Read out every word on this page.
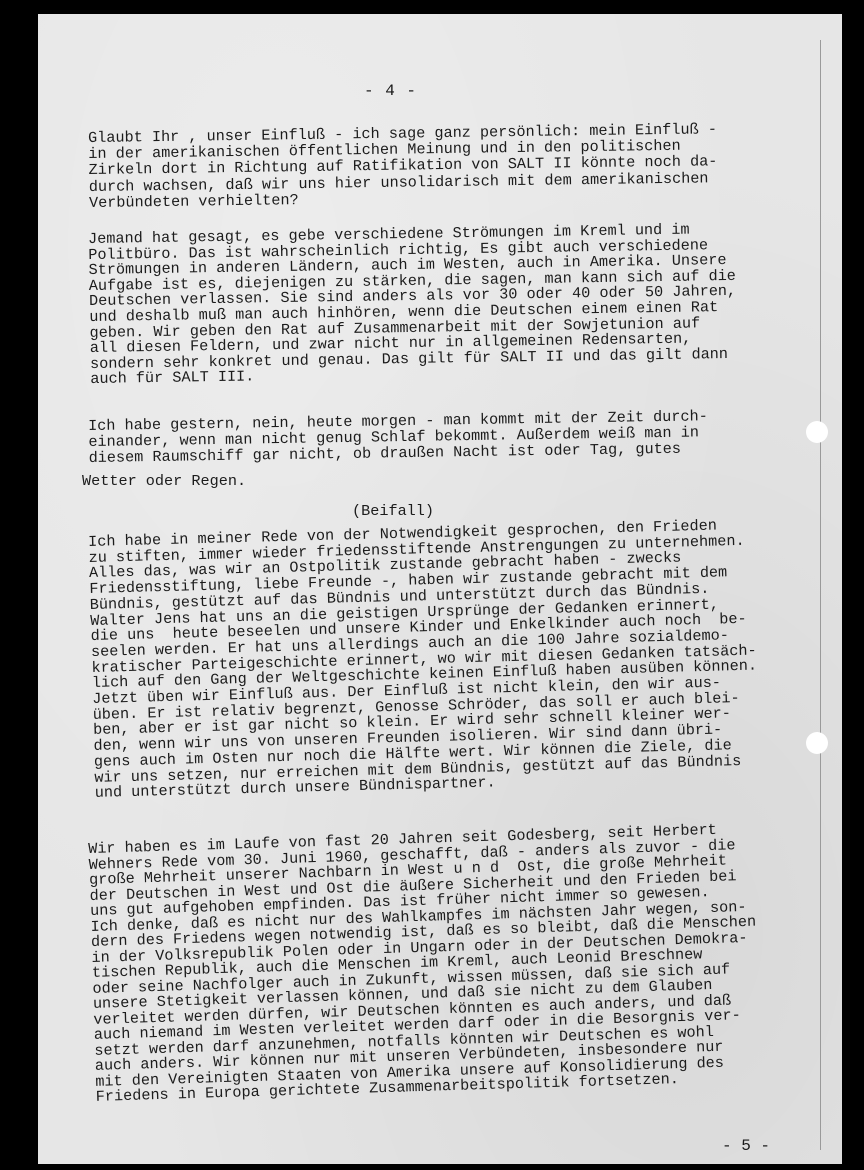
- 4 -

Glaubt Ihr , unser Einfluß - ich sage ganz persönlich: mein Einfluß -
in der amerikanischen öffentlichen Meinung und in den politischen
Zirkeln dort in Richtung auf Ratifikation von SALT II könnte noch da-
durch wachsen, daß wir uns hier unsolidarisch mit dem amerikanischen
Verbündeten verhielten?

Jemand hat gesagt, es gebe verschiedene Strömungen im Kreml und im
Politbüro. Das ist wahrscheinlich richtig, Es gibt auch verschiedene
Strömungen in anderen Ländern, auch im Westen, auch in Amerika. Unsere
Aufgabe ist es, diejenigen zu stärken, die sagen, man kann sich auf die
Deutschen verlassen. Sie sind anders als vor 30 oder 40 oder 50 Jahren,
und deshalb muß man auch hinhören, wenn die Deutschen einem einen Rat
geben. Wir geben den Rat auf Zusammenarbeit mit der Sowjetunion auf
all diesen Feldern, und zwar nicht nur in allgemeinen Redensarten,
sondern sehr konkret und genau. Das gilt für SALT II und das gilt dann
auch für SALT III.

Ich habe gestern, nein, heute morgen - man kommt mit der Zeit durch-
einander, wenn man nicht genug Schlaf bekommt. Außerdem weiß man in
diesem Raumschiff gar nicht, ob draußen Nacht ist oder Tag, gutes

Wetter oder Regen.

(Beifall)

Ich habe in meiner Rede von der Notwendigkeit gesprochen, den Frieden
zu stiften, immer wieder friedensstiftende Anstrengungen zu unternehmen.
Alles das, was wir an Ostpolitik zustande gebracht haben - zwecks
Friedensstiftung, liebe Freunde -, haben wir zustande gebracht mit dem
Bündnis, gestützt auf das Bündnis und unterstützt durch das Bündnis.
Walter Jens hat uns an die geistigen Ursprünge der Gedanken erinnert,
die uns  heute beseelen und unsere Kinder und Enkelkinder auch noch  be-
seelen werden. Er hat uns allerdings auch an die 100 Jahre sozialdemo-
kratischer Parteigeschichte erinnert, wo wir mit diesen Gedanken tatsäch-
lich auf den Gang der Weltgeschichte keinen Einfluß haben ausüben können.
Jetzt üben wir Einfluß aus. Der Einfluß ist nicht klein, den wir aus-
üben. Er ist relativ begrenzt, Genosse Schröder, das soll er auch blei-
ben, aber er ist gar nicht so klein. Er wird sehr schnell kleiner wer-
den, wenn wir uns von unseren Freunden isolieren. Wir sind dann übri-
gens auch im Osten nur noch die Hälfte wert. Wir können die Ziele, die
wir uns setzen, nur erreichen mit dem Bündnis, gestützt auf das Bündnis
und unterstützt durch unsere Bündnispartner.

Wir haben es im Laufe von fast 20 Jahren seit Godesberg, seit Herbert
Wehners Rede vom 30. Juni 1960, geschafft, daß - anders als zuvor - die
große Mehrheit unserer Nachbarn in West u n d  Ost, die große Mehrheit
der Deutschen in West und Ost die äußere Sicherheit und den Frieden bei
uns gut aufgehoben empfinden. Das ist früher nicht immer so gewesen.
Ich denke, daß es nicht nur des Wahlkampfes im nächsten Jahr wegen, son-
dern des Friedens wegen notwendig ist, daß es so bleibt, daß die Menschen
in der Volksrepublik Polen oder in Ungarn oder in der Deutschen Demokra-
tischen Republik, auch die Menschen im Kreml, auch Leonid Breschnew
oder seine Nachfolger auch in Zukunft, wissen müssen, daß sie sich auf
unsere Stetigkeit verlassen können, und daß sie nicht zu dem Glauben
verleitet werden dürfen, wir Deutschen könnten es auch anders, und daß
auch niemand im Westen verleitet werden darf oder in die Besorgnis ver-
setzt werden darf anzunehmen, notfalls könnten wir Deutschen es wohl
auch anders. Wir können nur mit unseren Verbündeten, insbesondere nur
mit den Vereinigten Staaten von Amerika unsere auf Konsolidierung des
Friedens in Europa gerichtete Zusammenarbeitspolitik fortsetzen.

- 5 -
